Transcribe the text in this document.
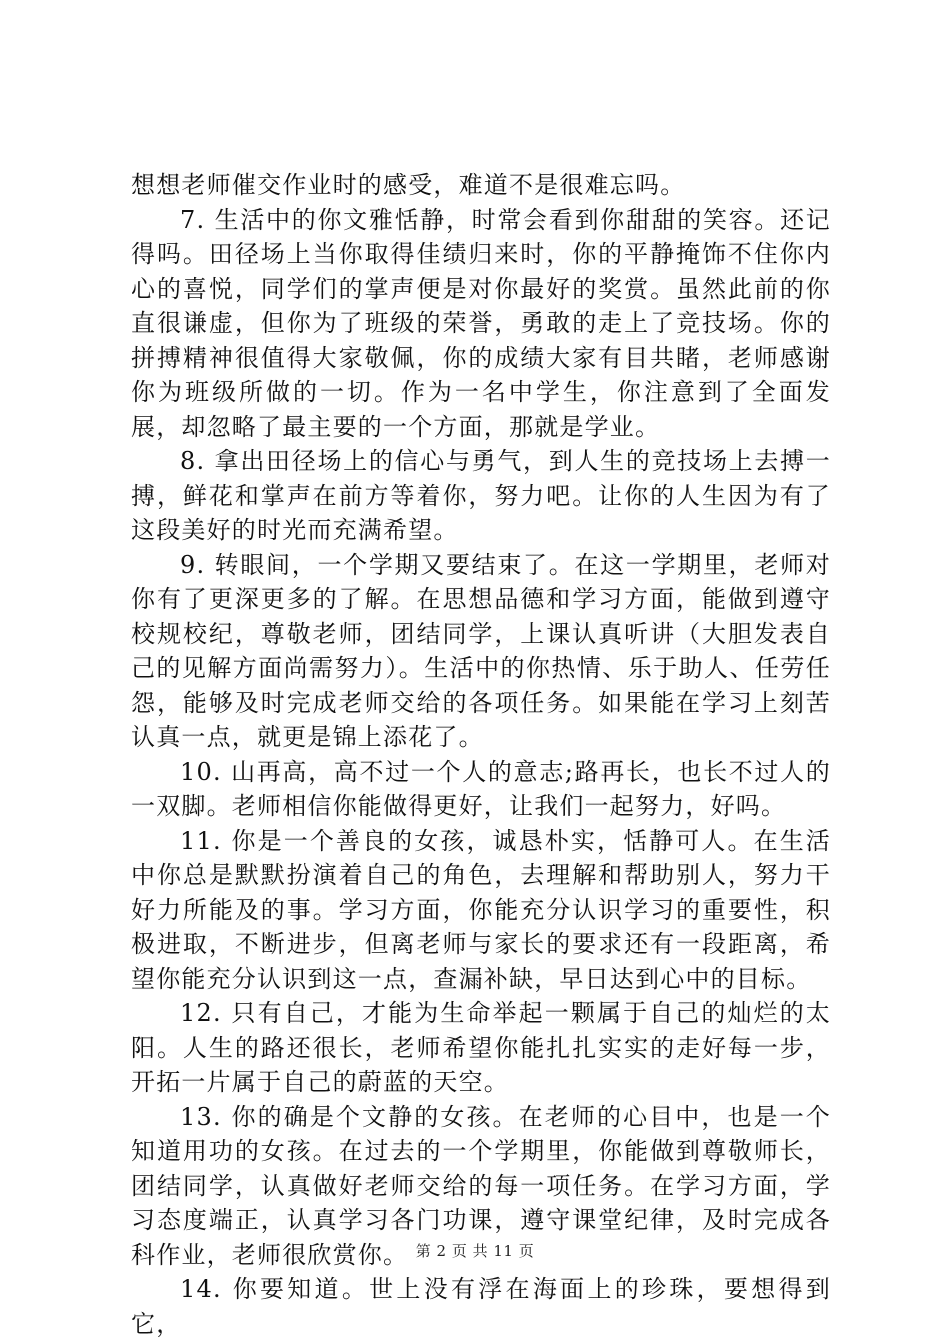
想想老师催交作业时的感受，难道不是很难忘吗。

7. 生活中的你文雅恬静，时常会看到你甜甜的笑容。还记得吗。田径场上当你取得佳绩归来时，你的平静掩饰不住你内心的喜悦，同学们的掌声便是对你最好的奖赏。虽然此前的你直很谦虚，但你为了班级的荣誉，勇敢的走上了竞技场。你的拼搏精神很值得大家敬佩，你的成绩大家有目共睹，老师感谢你为班级所做的一切。作为一名中学生，你注意到了全面发展，却忽略了最主要的一个方面，那就是学业。

8. 拿出田径场上的信心与勇气，到人生的竞技场上去搏一搏，鲜花和掌声在前方等着你，努力吧。让你的人生因为有了这段美好的时光而充满希望。

9. 转眼间，一个学期又要结束了。在这一学期里，老师对你有了更深更多的了解。在思想品德和学习方面，能做到遵守校规校纪，尊敬老师，团结同学，上课认真听讲（大胆发表自己的见解方面尚需努力）。生活中的你热情、乐于助人、任劳任怨，能够及时完成老师交给的各项任务。如果能在学习上刻苦认真一点，就更是锦上添花了。

10. 山再高，高不过一个人的意志;路再长，也长不过人的一双脚。老师相信你能做得更好，让我们一起努力，好吗。

11. 你是一个善良的女孩，诚恳朴实，恬静可人。在生活中你总是默默扮演着自己的角色，去理解和帮助别人，努力干好力所能及的事。学习方面，你能充分认识学习的重要性，积极进取，不断进步，但离老师与家长的要求还有一段距离，希望你能充分认识到这一点，查漏补缺，早日达到心中的目标。

12. 只有自己，才能为生命举起一颗属于自己的灿烂的太阳。人生的路还很长，老师希望你能扎扎实实的走好每一步，开拓一片属于自己的蔚蓝的天空。

13. 你的确是个文静的女孩。在老师的心目中，也是一个知道用功的女孩。在过去的一个学期里，你能做到尊敬师长，团结同学，认真做好老师交给的每一项任务。在学习方面，学习态度端正，认真学习各门功课，遵守课堂纪律，及时完成各科作业，老师很欣赏你。

14. 你要知道。世上没有浮在海面上的珍珠，要想得到它，

第 2 页 共 11 页
